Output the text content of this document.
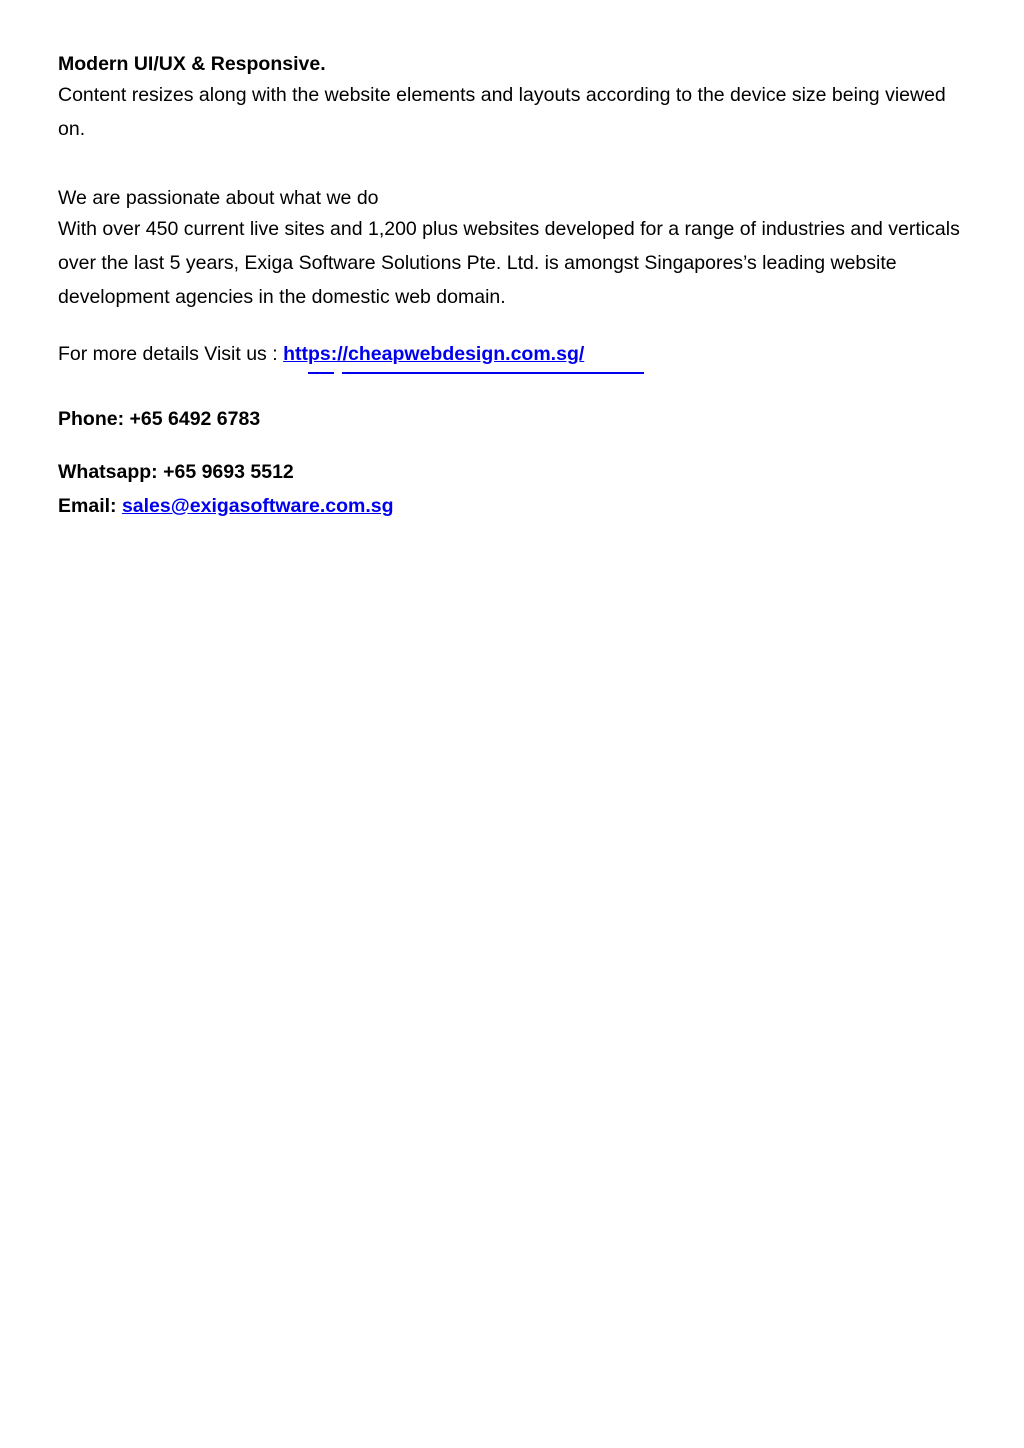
Modern UI/UX & Responsive.

Content resizes along with the website elements and layouts according to the device size being viewed on.

We are passionate about what we do

With over 450 current live sites and 1,200 plus websites developed for a range of industries and verticals over the last 5 years, Exiga Software Solutions Pte. Ltd. is amongst Singapores’s leading website development agencies in the domestic web domain.

For more details Visit us : https://cheapwebdesign.com.sg/

Phone: +65 6492 6783

Whatsapp: +65 9693 5512

Email: sales@exigasoftware.com.sg
